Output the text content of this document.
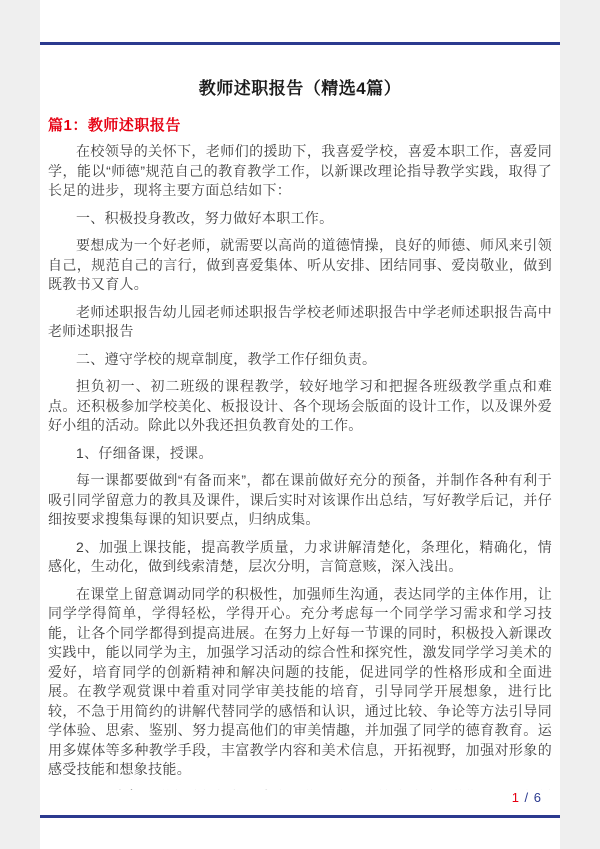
教师述职报告（精选4篇）
篇1：教师述职报告

在校领导的关怀下，老师们的援助下，我喜爱学校，喜爱本职工作，喜爱同学，能以“师德”规范自己的教育教学工作，以新课改理论指导教学实践，取得了长足的进步，现将主要方面总结如下：

一、积极投身教改，努力做好本职工作。

要想成为一个好老师，就需要以高尚的道德情操，良好的师德、师风来引领自己，规范自己的言行，做到喜爱集体、听从安排、团结同事、爱岗敬业，做到既教书又育人。

老师述职报告幼儿园老师述职报告学校老师述职报告中学老师述职报告高中老师述职报告

二、遵守学校的规章制度，教学工作仔细负责。

担负初一、初二班级的课程教学，较好地学习和把握各班级教学重点和难点。还积极参加学校美化、板报设计、各个现场会版面的设计工作，以及课外爱好小组的活动。除此以外我还担负教育处的工作。

1、仔细备课，授课。

每一课都要做到“有备而来”，都在课前做好充分的预备，并制作各种有利于吸引同学留意力的教具及课件，课后实时对该课作出总结，写好教学后记，并仔细按要求搜集每课的知识要点，归纳成集。

2、加强上课技能，提高教学质量，力求讲解清楚化，条理化，精确化，情感化，生动化，做到线索清楚，层次分明，言简意赅，深入浅出。

在课堂上留意调动同学的积极性，加强师生沟通，表达同学的主体作用，让同学学得简单，学得轻松，学得开心。充分考虑每一个同学学习需求和学习技能，让各个同学都得到提高进展。在努力上好每一节课的同时，积极投入新课改实践中，能以同学为主，加强学习活动的综合性和探究性，激发同学学习美术的爱好，培育同学的创新精神和解决问题的技能，促进同学的性格形成和全面进展。在教学观赏课中着重对同学审美技能的培育，引导同学开展想象，进行比较，不急于用简约的讲解代替同学的感悟和认识，通过比较、争论等方法引导同学体验、思索、鉴别、努力提高他们的审美情趣，并加强了同学的德育教育。运用多媒体等多种教学手段，丰富教学内容和美术信息，开拓视野，加强对形象的感受技能和想象技能。

1 / 6
